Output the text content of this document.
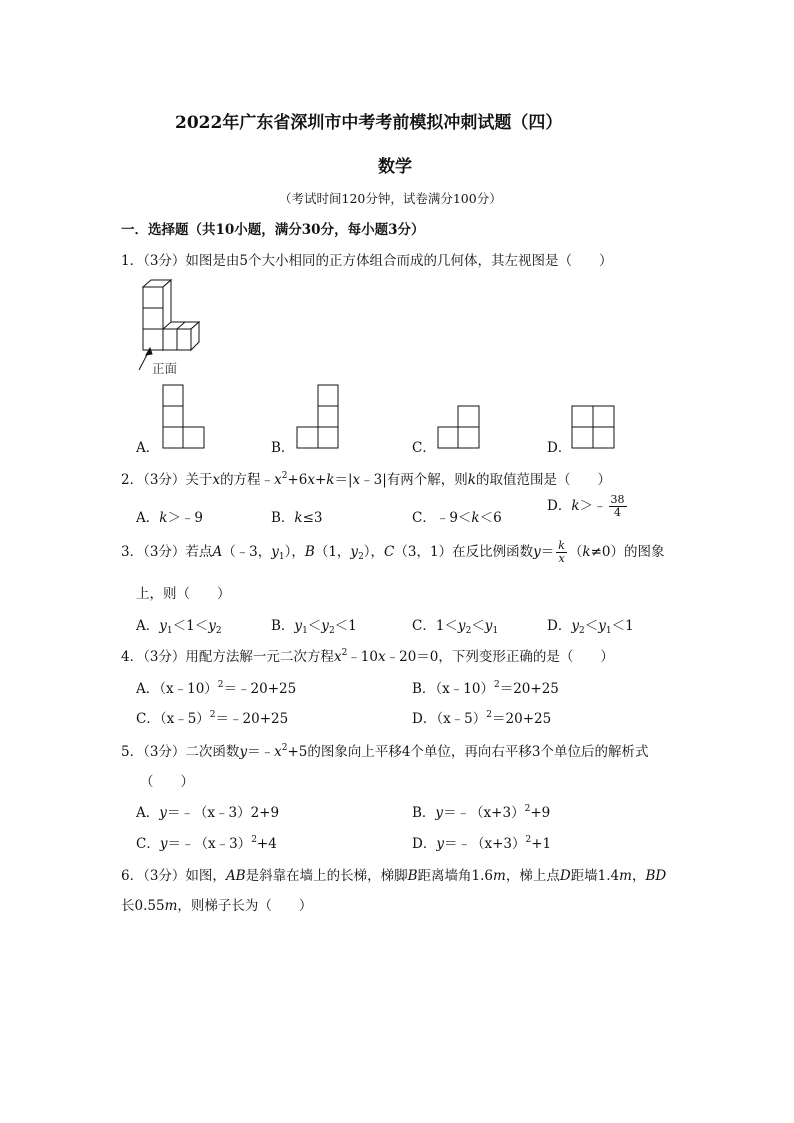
2022年广东省深圳市中考考前模拟冲刺试题（四）
数学
（考试时间120分钟，试卷满分100分）
一．选择题（共10小题，满分30分，每小题3分）
1．（3分）如图是由5个大小相同的正方体组合而成的几何体，其左视图是（　　）
正面
A．	B．	C．	D．
2．（3分）关于x的方程$﹣x^2+6x+k=|x﹣3|$有两个解，则k的取值范围是（　　）
A．k＞﹣9	B．k≤3	C．﹣9＜k＜6
D．k＞﹣ $\frac{38}{4}$
3．（3分）若点A（﹣3，$y_1$），B（1，$y_2$），C（3，1）在反比例函数$y= \frac{k}{x} (k\ne 0)$的图象
上，则（　　）
A．$y_1<1<y_2$	B．$y_1<y_2<1$	C．$1<y_2<y_1$	D．$y_2<y_1<1$
4．（3分）用配方法解一元二次方程$x^2﹣10x﹣20=0$，下列变形正确的是（　　）
A．（x﹣10）$^2$＝﹣20+25	B．（x﹣10）$^2$＝20+25
C．（x﹣5）$^2$＝﹣20+25	D．（x﹣5）$^2$＝20+25
5．（3分）二次函数$y=﹣x^2+5$的图象向上平移4个单位，再向右平移3个单位后的解析式
（　　）
A．y＝﹣（x﹣3）2+9	B．$y=﹣(x+3)^2+9$
C．y＝﹣（x﹣3）$^2$+4	D．$y=﹣(x+3)^2+1$
6．（3分）如图，AB是斜靠在墙上的长梯，梯脚B距离墙角1.6m，梯上点D距墙1.4m，BD
长0.55m，则梯子长为（　　）
